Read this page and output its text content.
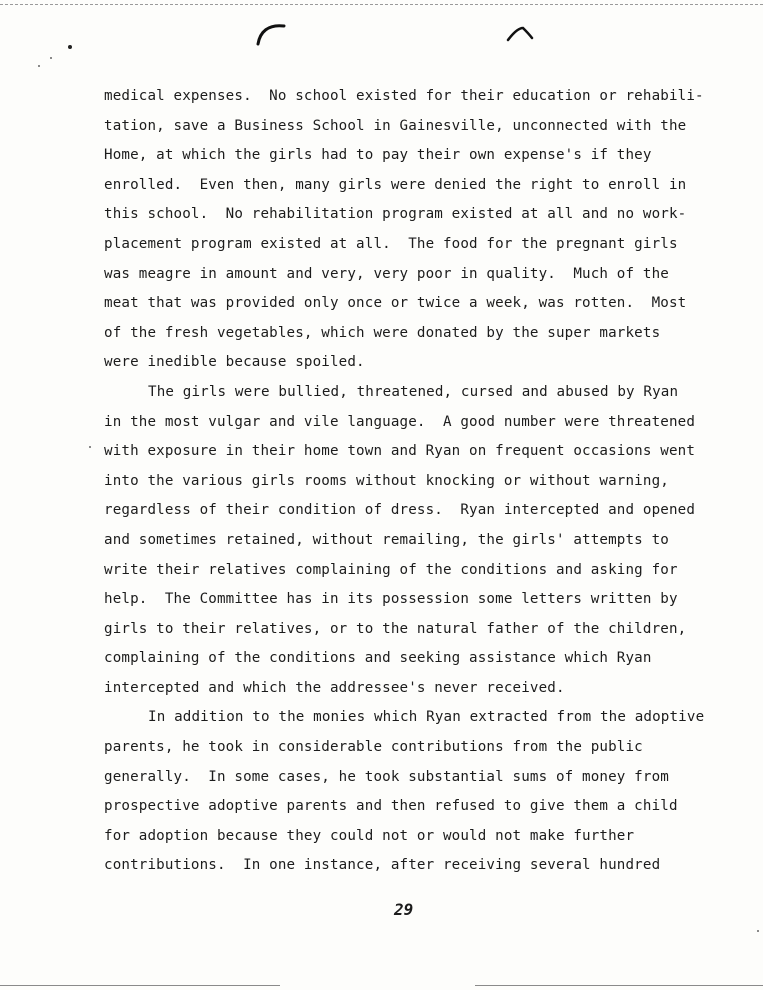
medical expenses.  No school existed for their education or rehabili-
tation, save a Business School in Gainesville, unconnected with the
Home, at which the girls had to pay their own expense's if they
enrolled.  Even then, many girls were denied the right to enroll in
this school.  No rehabilitation program existed at all and no work-
placement program existed at all.  The food for the pregnant girls
was meagre in amount and very, very poor in quality.  Much of the
meat that was provided only once or twice a week, was rotten.  Most
of the fresh vegetables, which were donated by the super markets
were inedible because spoiled.
The girls were bullied, threatened, cursed and abused by Ryan
in the most vulgar and vile language.  A good number were threatened
with exposure in their home town and Ryan on frequent occasions went
into the various girls rooms without knocking or without warning,
regardless of their condition of dress.  Ryan intercepted and opened
and sometimes retained, without remailing, the girls' attempts to
write their relatives complaining of the conditions and asking for
help.  The Committee has in its possession some letters written by
girls to their relatives, or to the natural father of the children,
complaining of the conditions and seeking assistance which Ryan
intercepted and which the addressee's never received.
In addition to the monies which Ryan extracted from the adoptive
parents, he took in considerable contributions from the public
generally.  In some cases, he took substantial sums of money from
prospective adoptive parents and then refused to give them a child
for adoption because they could not or would not make further
contributions.  In one instance, after receiving several hundred
29
